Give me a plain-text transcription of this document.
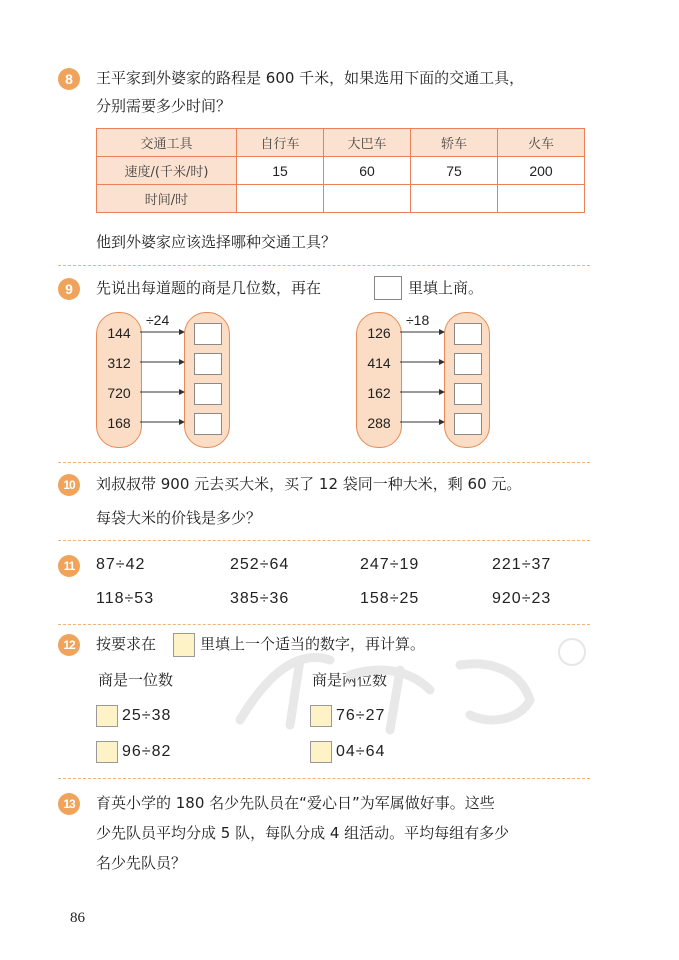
8	王平家到外婆家的路程是 600 千米，如果选用下面的交通工具，
分别需要多少时间？
交通工具	自行车	大巴车	轿车	火车
速度/(千米/时)	15	60	75	200
时间/时				
他到外婆家应该选择哪种交通工具？
9	先说出每道题的商是几位数，再在	里填上商。
144
312
720
168
÷24
126
414
162
288
÷18
10	刘叔叔带 900 元去买大米，买了 12 袋同一种大米，剩 60 元。
每袋大米的价钱是多少？
11	87÷42	252÷64	247÷19	221÷37
118÷53	385÷36	158÷25	920÷23
12	按要求在	里填上一个适当的数字，再计算。
商是一位数	商是两位数
25÷38
96÷82
76÷27
04÷64
13	育英小学的 180 名少先队员在“爱心日”为军属做好事。这些
少先队员平均分成 5 队，每队分成 4 组活动。平均每组有多少
名少先队员？
86
